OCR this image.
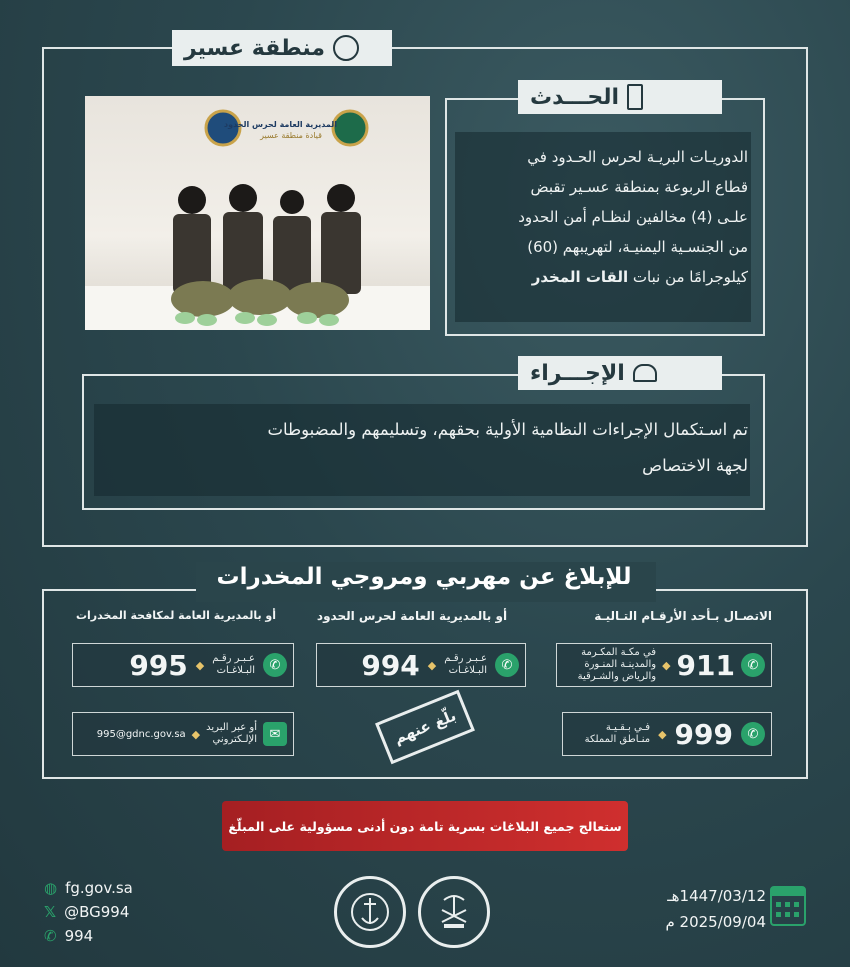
منطقة عسير
المديرية العامة لحرس الحدود
قيادة منطقة عسير
الحـــدث
الدوريـات البريـة لحرس الحـدود في
قطاع الربوعة بمنطقة عسـير تقبض
علـى (4) مخالفين لنظـام أمن الحدود
من الجنسـية اليمنيـة، لتهريبهم (60)
كيلوجرامًا من نبات القات المخدر
الإجـــراء
تم اسـتكمال الإجراءات النظامية الأولية بحقهم، وتسليمهم والمضبوطات
لجهة الاختصاص
للإبلاغ عن مهربي ومروجي المخدرات
الاتصـال بـأحد الأرقـام التـاليـة
أو بالمديرية العامة لحرس الحدود
أو بالمديرية العامة لمكافحة المخدرات
✆
911
◆
في مكـة المكـرمة
والمدينـة المنـورة
والرياض والشـرقية
✆
999
◆
فـي بـقـيـة
منـاطق المملكة
✆
عـبـر رقـم
البـلاغـات
◆
994
✆
عـبـر رقـم
البـلاغـات
◆
995
✉
أو عبر البريد
الإلـكتروني
◆
995@gdnc.gov.sa	بلّغ عنهم
ستعالج جميع البلاغات بسرية تامة دون أدنى مسؤولية على المبلّغ
◍ fg.gov.sa
𝕏 @BG994
✆ 994
1447/03/12هـ
2025/09/04 م
